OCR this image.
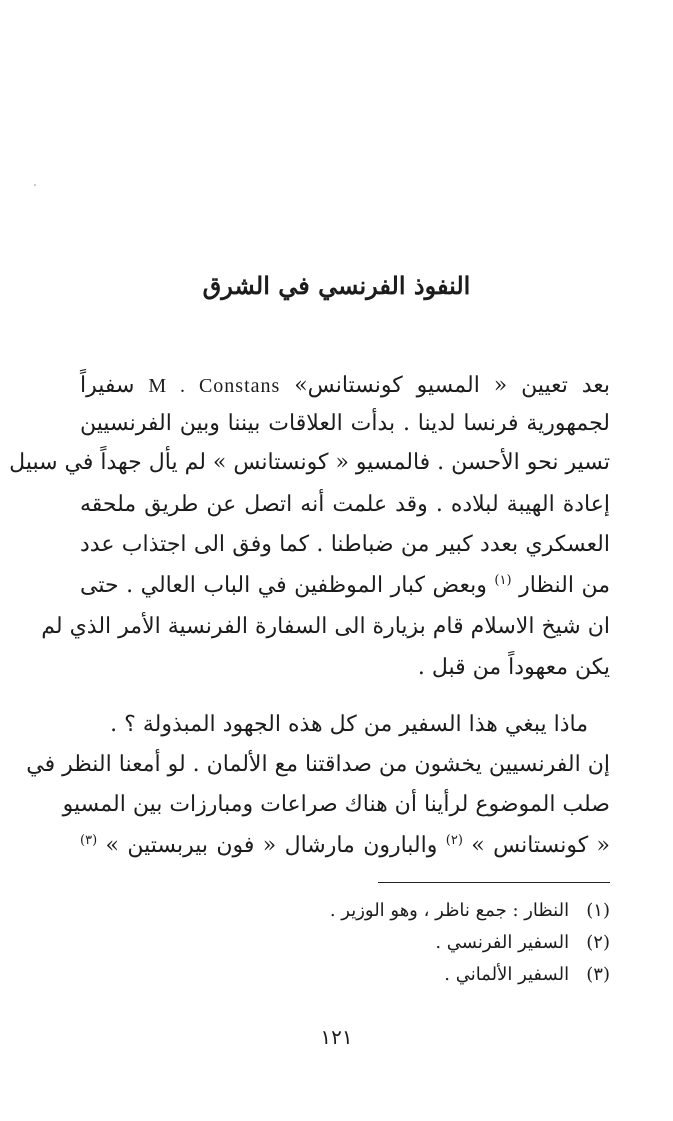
النفوذ الفرنسي في الشرق
بعد تعيين « المسيو كونستانس» M . Constans سفيراً
لجمهورية فرنسا لدينا . بدأت العلاقات بيننا وبين الفرنسيين
تسير نحو الأحسن . فالمسيو « كونستانس » لم يأل جهداً في سبيل
إعادة الهيبة لبلاده . وقد علمت أنه اتصل عن طريق ملحقه
العسكري بعدد كبير من ضباطنا . كما وفق الى اجتذاب عدد
من النظار $^{(١)}$ وبعض كبار الموظفين في الباب العالي . حتى
ان شيخ الاسلام قام بزيارة الى السفارة الفرنسية الأمر الذي لم
يكن معهوداً من قبل .
ماذا يبغي هذا السفير من كل هذه الجهود المبذولة ؟ .
إن الفرنسيين يخشون من صداقتنا مع الألمان . لو أمعنا النظر في
صلب الموضوع لرأينا أن هناك صراعات ومبارزات بين المسيو
« كونستانس » $^{(٢)}$ والبارون مارشال « فون بيربستين » $^{(٣)}$
(١)   النظار : جمع ناظر ، وهو الوزير .
(٢)   السفير الفرنسي .
(٣)   السفير الألماني .
١٢١
